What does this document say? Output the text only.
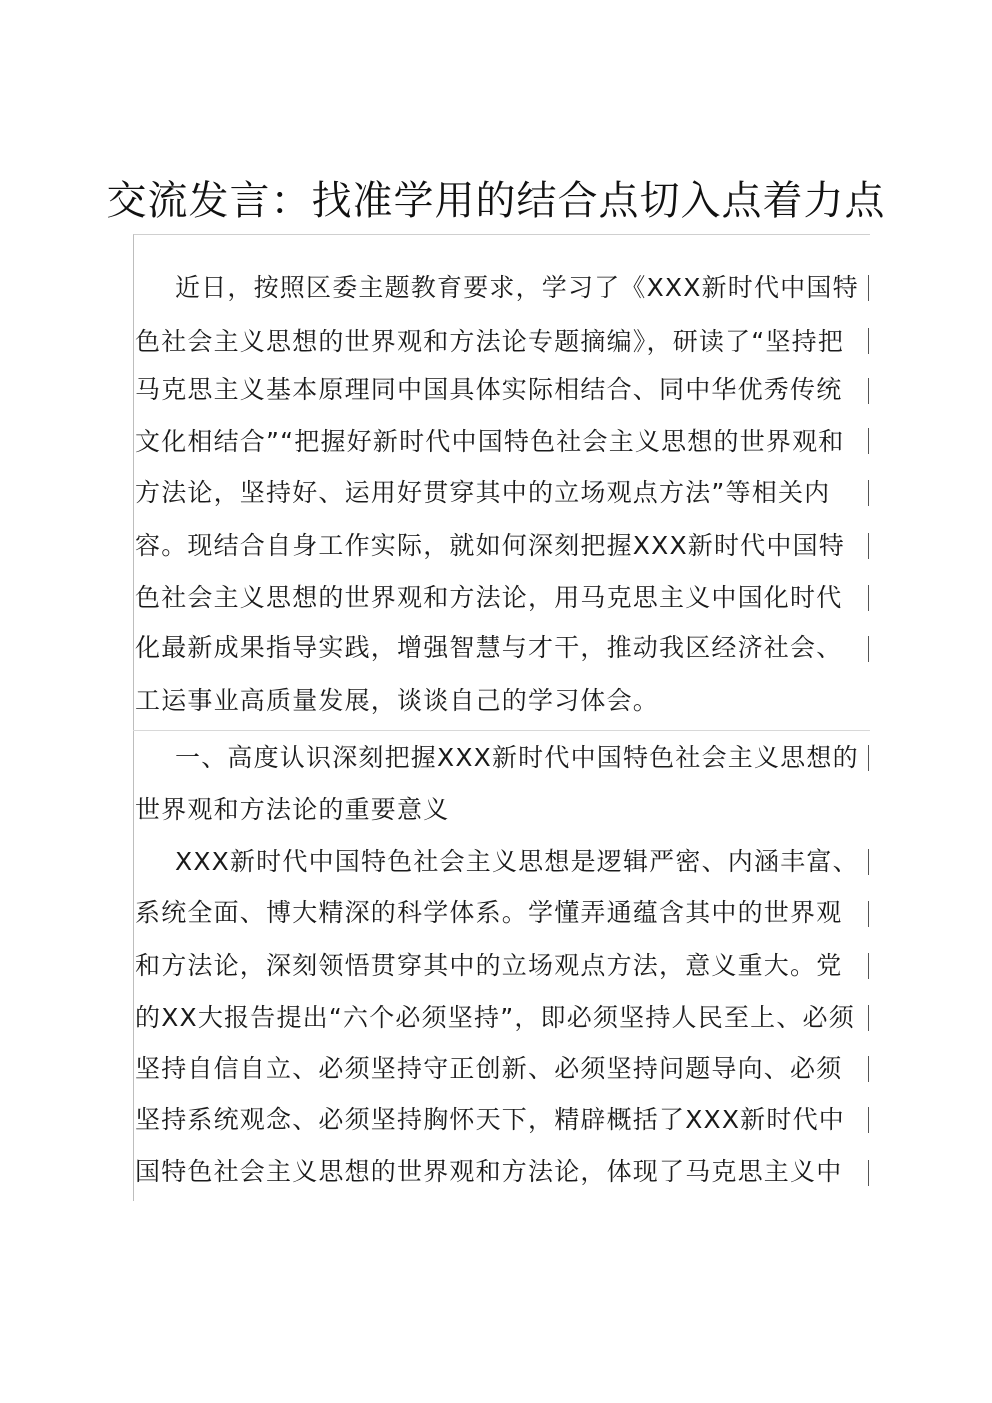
交流发言：找准学用的结合点切入点着力点
近日，按照区委主题教育要求，学习了《XXX新时代中国特
色社会主义思想的世界观和方法论专题摘编》，研读了“坚持把
马克思主义基本原理同中国具体实际相结合、同中华优秀传统
文化相结合”“把握好新时代中国特色社会主义思想的世界观和
方法论，坚持好、运用好贯穿其中的立场观点方法”等相关内
容。现结合自身工作实际，就如何深刻把握XXX新时代中国特
色社会主义思想的世界观和方法论，用马克思主义中国化时代
化最新成果指导实践，增强智慧与才干，推动我区经济社会、
工运事业高质量发展，谈谈自己的学习体会。
一、高度认识深刻把握XXX新时代中国特色社会主义思想的
世界观和方法论的重要意义
XXX新时代中国特色社会主义思想是逻辑严密、内涵丰富、
系统全面、博大精深的科学体系。学懂弄通蕴含其中的世界观
和方法论，深刻领悟贯穿其中的立场观点方法，意义重大。党
的XX大报告提出“六个必须坚持”，即必须坚持人民至上、必须
坚持自信自立、必须坚持守正创新、必须坚持问题导向、必须
坚持系统观念、必须坚持胸怀天下，精辟概括了XXX新时代中
国特色社会主义思想的世界观和方法论，体现了马克思主义中
